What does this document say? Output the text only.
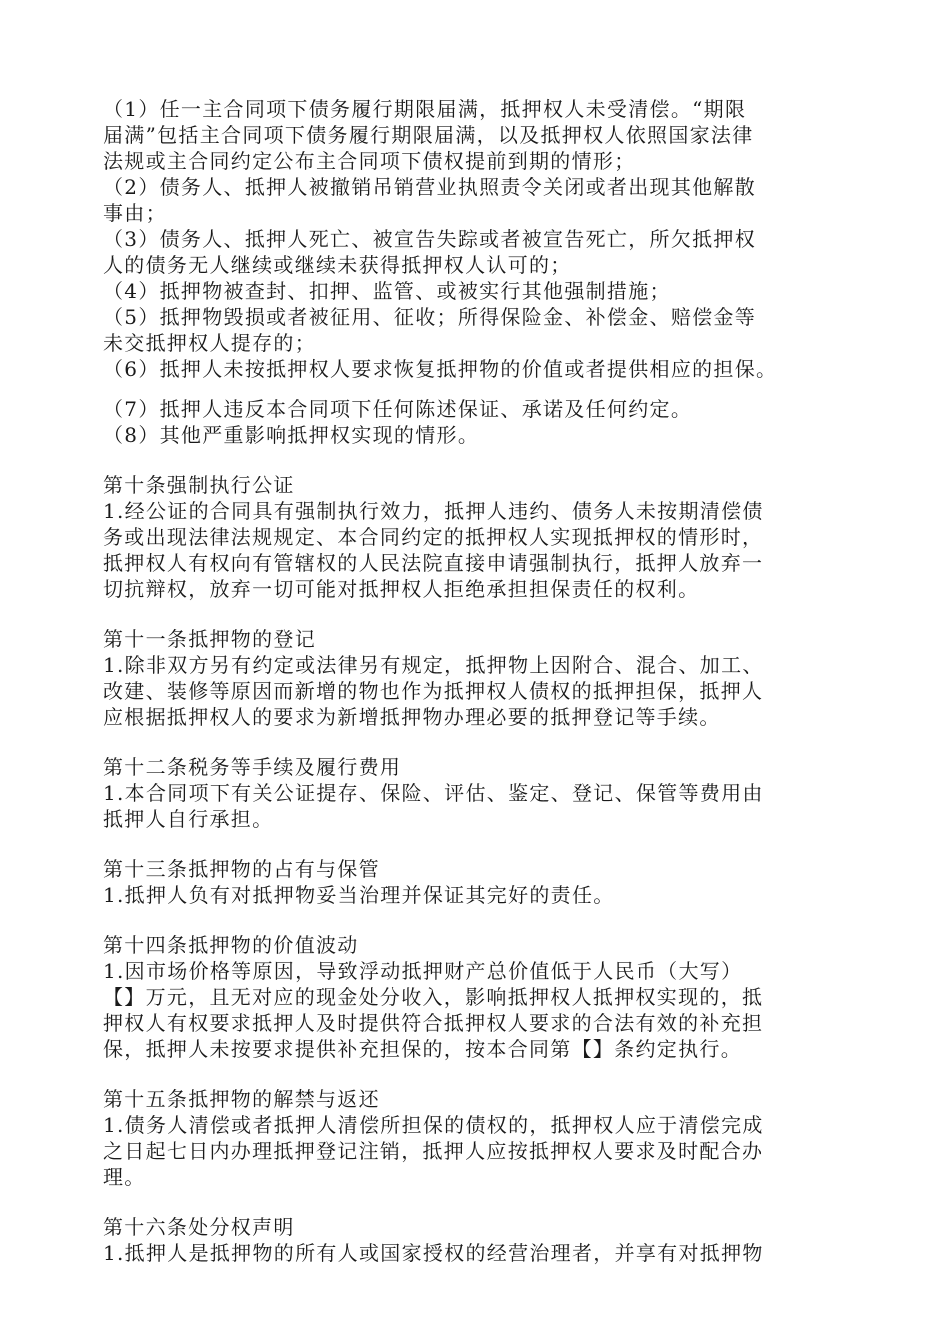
（1）任一主合同项下债务履行期限届满，抵押权人未受清偿。“期限
届满”包括主合同项下债务履行期限届满，以及抵押权人依照国家法律
法规或主合同约定公布主合同项下债权提前到期的情形；
（2）债务人、抵押人被撤销吊销营业执照责令关闭或者出现其他解散
事由；
（3）债务人、抵押人死亡、被宣告失踪或者被宣告死亡，所欠抵押权
人的债务无人继续或继续未获得抵押权人认可的；
（4）抵押物被查封、扣押、监管、或被实行其他强制措施；
（5）抵押物毁损或者被征用、征收；所得保险金、补偿金、赔偿金等
未交抵押权人提存的；
（6）抵押人未按抵押权人要求恢复抵押物的价值或者提供相应的担保。
（7）抵押人违反本合同项下任何陈述保证、承诺及任何约定。
（8）其他严重影响抵押权实现的情形。
第十条强制执行公证
1.经公证的合同具有强制执行效力，抵押人违约、债务人未按期清偿债
务或出现法律法规规定、本合同约定的抵押权人实现抵押权的情形时，
抵押权人有权向有管辖权的人民法院直接申请强制执行，抵押人放弃一
切抗辩权，放弃一切可能对抵押权人拒绝承担担保责任的权利。
第十一条抵押物的登记
1.除非双方另有约定或法律另有规定，抵押物上因附合、混合、加工、
改建、装修等原因而新增的物也作为抵押权人债权的抵押担保，抵押人
应根据抵押权人的要求为新增抵押物办理必要的抵押登记等手续。
第十二条税务等手续及履行费用
1.本合同项下有关公证提存、保险、评估、鉴定、登记、保管等费用由
抵押人自行承担。
第十三条抵押物的占有与保管
1.抵押人负有对抵押物妥当治理并保证其完好的责任。
第十四条抵押物的价值波动
1.因市场价格等原因，导致浮动抵押财产总价值低于人民币（大写）
【】万元，且无对应的现金处分收入，影响抵押权人抵押权实现的，抵
押权人有权要求抵押人及时提供符合抵押权人要求的合法有效的补充担
保，抵押人未按要求提供补充担保的，按本合同第【】条约定执行。
第十五条抵押物的解禁与返还
1.债务人清偿或者抵押人清偿所担保的债权的，抵押权人应于清偿完成
之日起七日内办理抵押登记注销，抵押人应按抵押权人要求及时配合办
理。
第十六条处分权声明
1.抵押人是抵押物的所有人或国家授权的经营治理者，并享有对抵押物
